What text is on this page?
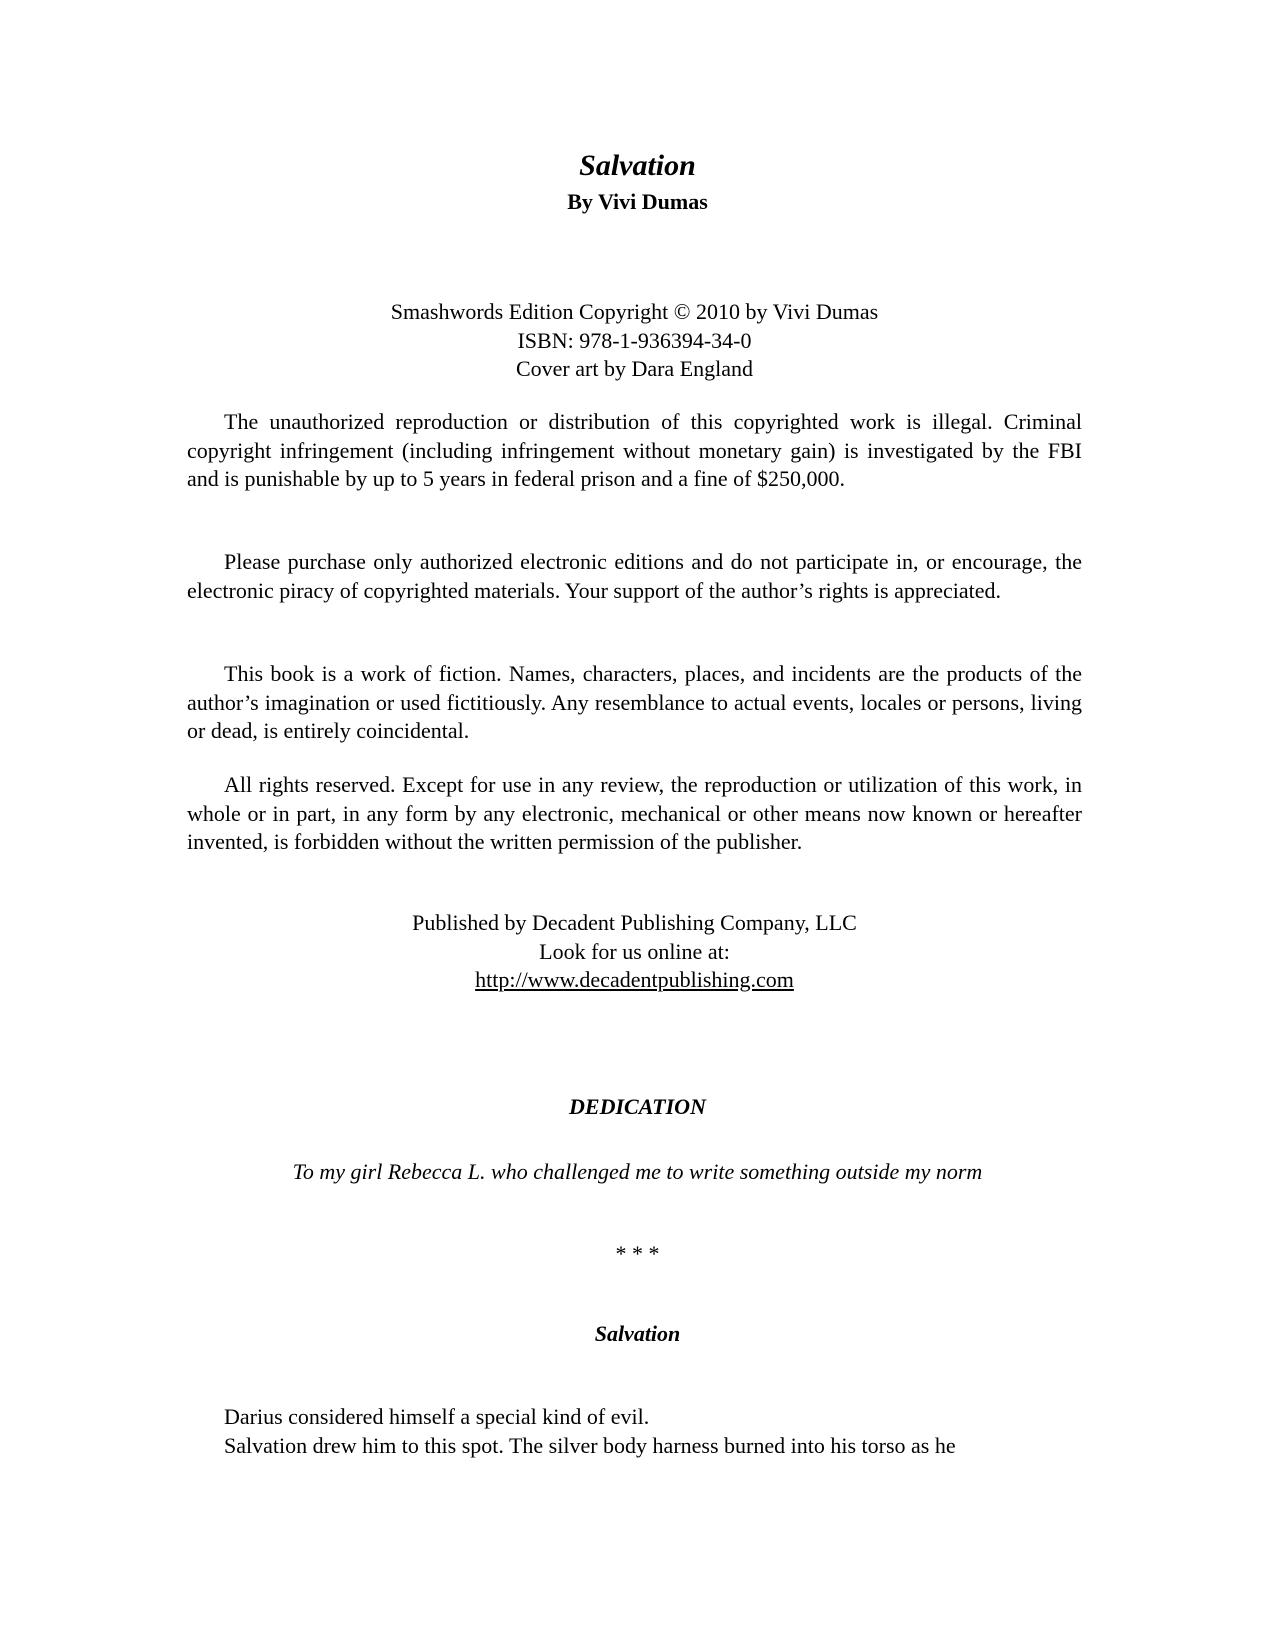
Salvation
By Vivi Dumas
Smashwords Edition Copyright © 2010 by Vivi Dumas
ISBN: 978-1-936394-34-0
Cover art by Dara England

The unauthorized reproduction or distribution of this copyrighted work is illegal. Criminal copyright infringement (including infringement without monetary gain) is investigated by the FBI and is punishable by up to 5 years in federal prison and a fine of $250,000.

Please purchase only authorized electronic editions and do not participate in, or encourage, the electronic piracy of copyrighted materials. Your support of the author’s rights is appreciated.

This book is a work of fiction. Names, characters, places, and incidents are the products of the author’s imagination or used fictitiously. Any resemblance to actual events, locales or persons, living or dead, is entirely coincidental.

All rights reserved. Except for use in any review, the reproduction or utilization of this work, in whole or in part, in any form by any electronic, mechanical or other means now known or hereafter invented, is forbidden without the written permission of the publisher.

Published by Decadent Publishing Company, LLC
Look for us online at:
http://www.decadentpublishing.com
DEDICATION
To my girl Rebecca L. who challenged me to write something outside my norm
* * *
Salvation
Darius considered himself a special kind of evil.
Salvation drew him to this spot. The silver body harness burned into his torso as he
